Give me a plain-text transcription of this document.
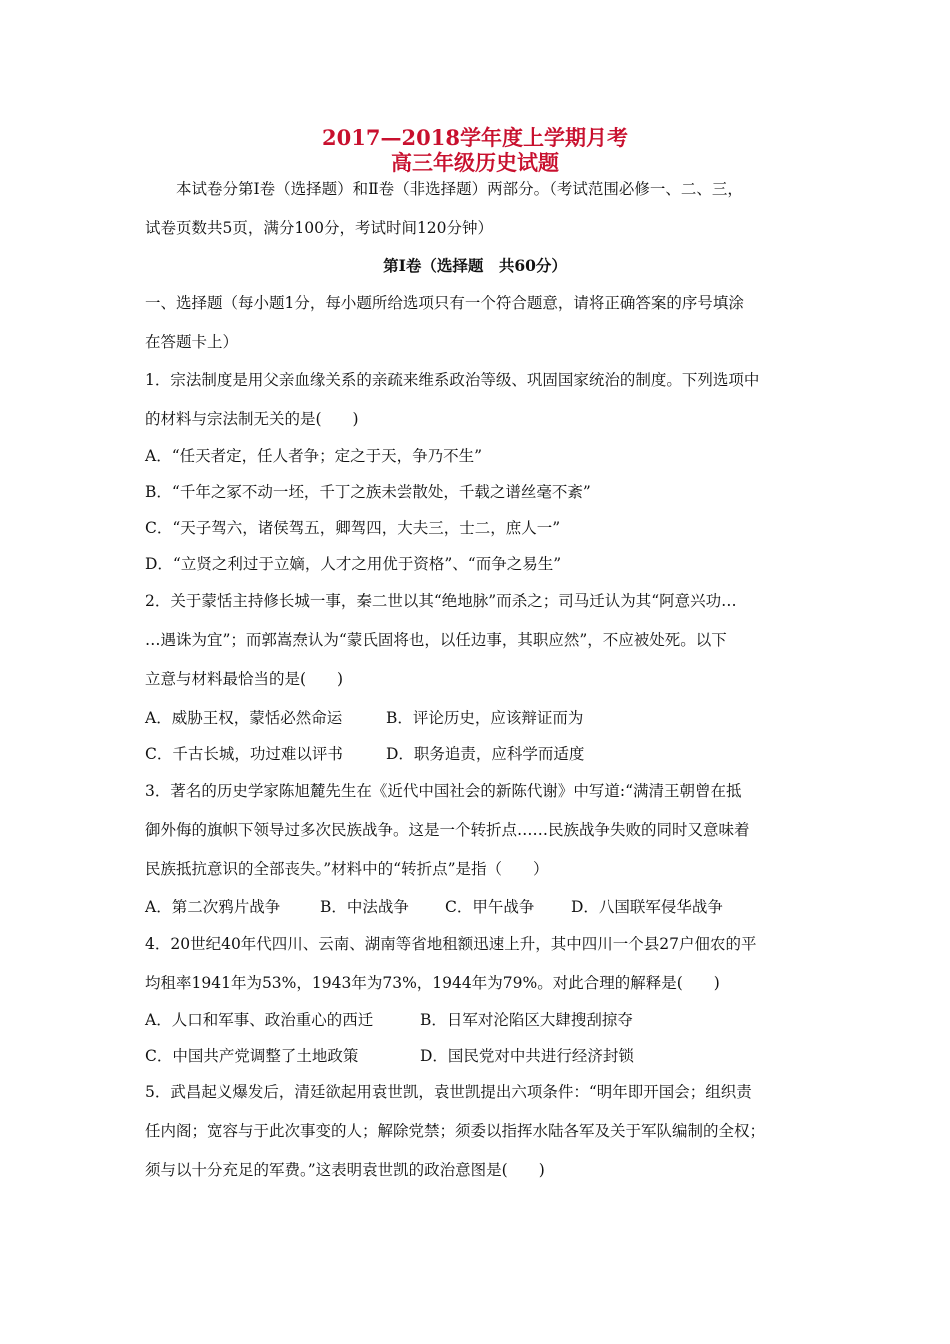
2017—2018学年度上学期月考
高三年级历史试题
本试卷分第Ⅰ卷（选择题）和Ⅱ卷（非选择题）两部分。（考试范围必修一、二、三，
试卷页数共5页，满分100分，考试时间120分钟）
第Ⅰ卷（选择题　共60分）
一、选择题（每小题1分，每小题所给选项只有一个符合题意，请将正确答案的序号填涂
在答题卡上）
1．宗法制度是用父亲血缘关系的亲疏来维系政治等级、巩固国家统治的制度。下列选项中
的材料与宗法制无关的是(　　)
A．“任天者定，任人者争；定之于天，争乃不生”
B．“千年之冢不动一坯，千丁之族未尝散处，千载之谱丝毫不紊”
C．“天子驾六，诸侯驾五，卿驾四，大夫三，士二，庶人一”
D．“立贤之利过于立嫡，人才之用优于资格”、“而争之易生”
2．关于蒙恬主持修长城一事，秦二世以其“绝地脉”而杀之；司马迁认为其“阿意兴功…
…遇诛为宜”；而郭嵩焘认为“蒙氏固将也，以任边事，其职应然”，不应被处死。以下
立意与材料最恰当的是(　　)
A．威胁王权，蒙恬必然命运	B．评论历史，应该辩证而为
C．千古长城，功过难以评书	D．职务追责，应科学而适度
3．著名的历史学家陈旭麓先生在《近代中国社会的新陈代谢》中写道:“满清王朝曾在抵
御外侮的旗帜下领导过多次民族战争。这是一个转折点……民族战争失败的同时又意味着
民族抵抗意识的全部丧失。”材料中的“转折点”是指（　　）
A．第二次鸦片战争	B．中法战争 C．甲午战争 D．八国联军侵华战争
4．20世纪40年代四川、云南、湖南等省地租额迅速上升，其中四川一个县27户佃农的平
均租率1941年为53%，1943年为73%，1944年为79%。对此合理的解释是(　　)
A．人口和军事、政治重心的西迁	B．日军对沦陷区大肆搜刮掠夺
C．中国共产党调整了土地政策	D．国民党对中共进行经济封锁
5．武昌起义爆发后，清廷欲起用袁世凯，袁世凯提出六项条件：“明年即开国会；组织责
任内阁；宽容与于此次事变的人；解除党禁；须委以指挥水陆各军及关于军队编制的全权；
须与以十分充足的军费。”这表明袁世凯的政治意图是(　　)
